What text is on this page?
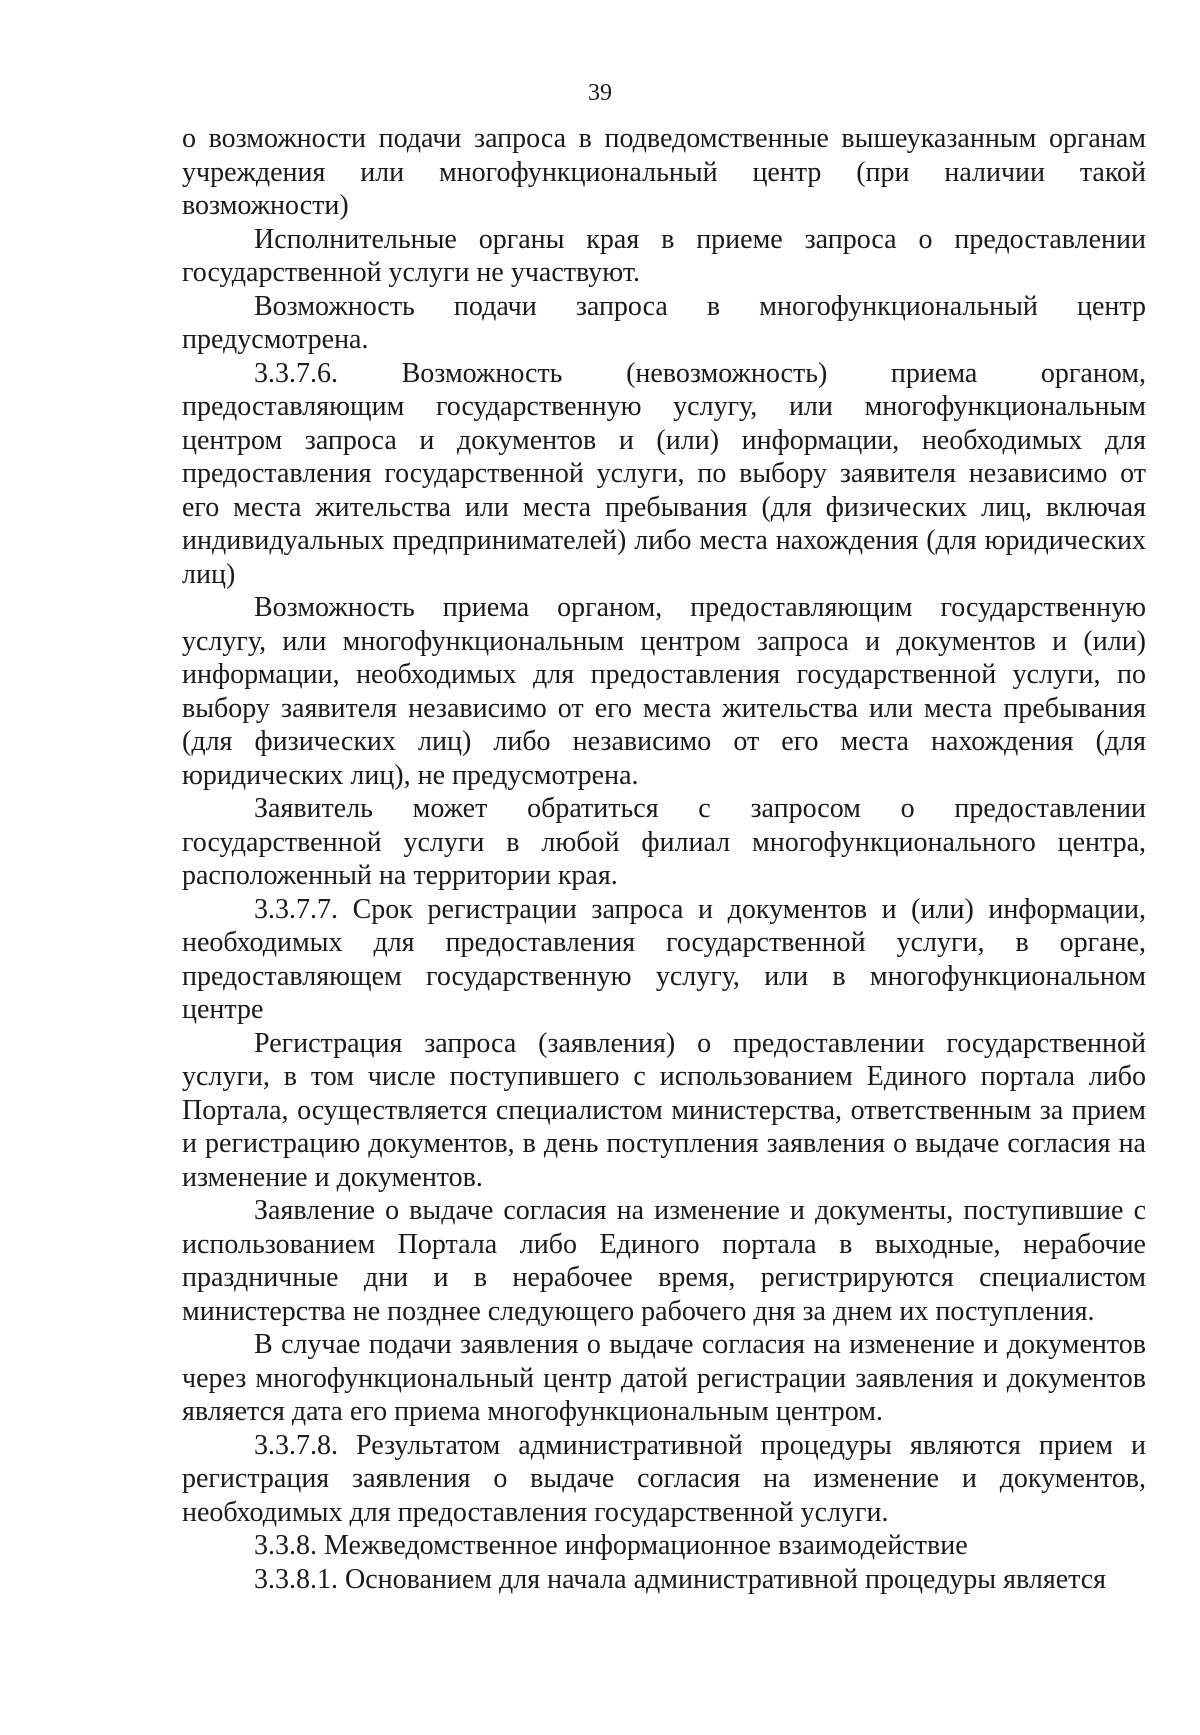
39

о возможности подачи запроса в подведомственные вышеуказанным органам учреждения или многофункциональный центр (при наличии такой возможности)

Исполнительные органы края в приеме запроса о предоставлении государственной услуги не участвуют.

Возможность подачи запроса в многофункциональный центр предусмотрена.

3.3.7.6. Возможность (невозможность) приема органом, предоставляющим государственную услугу, или многофункциональным центром запроса и документов и (или) информации, необходимых для предоставления государственной услуги, по выбору заявителя независимо от его места жительства или места пребывания (для физических лиц, включая индивидуальных предпринимателей) либо места нахождения (для юридических лиц)

Возможность приема органом, предоставляющим государственную услугу, или многофункциональным центром запроса и документов и (или) информации, необходимых для предоставления государственной услуги, по выбору заявителя независимо от его места жительства или места пребывания (для физических лиц) либо независимо от его места нахождения (для юридических лиц), не предусмотрена.

Заявитель может обратиться с запросом о предоставлении государственной услуги в любой филиал многофункционального центра, расположенный на территории края.

3.3.7.7. Срок регистрации запроса и документов и (или) информации, необходимых для предоставления государственной услуги, в органе, предоставляющем государственную услугу, или в многофункциональном центре

Регистрация запроса (заявления) о предоставлении государственной услуги, в том числе поступившего с использованием Единого портала либо Портала, осуществляется специалистом министерства, ответственным за прием и регистрацию документов, в день поступления заявления о выдаче согласия на изменение и документов.

Заявление о выдаче согласия на изменение и документы, поступившие с использованием Портала либо Единого портала в выходные, нерабочие праздничные дни и в нерабочее время, регистрируются специалистом министерства не позднее следующего рабочего дня за днем их поступления.

В случае подачи заявления о выдаче согласия на изменение и документов через многофункциональный центр датой регистрации заявления и документов является дата его приема многофункциональным центром.

3.3.7.8. Результатом административной процедуры являются прием и регистрация заявления о выдаче согласия на изменение и документов, необходимых для предоставления государственной услуги.

3.3.8. Межведомственное информационное взаимодействие

3.3.8.1. Основанием для начала административной процедуры является
